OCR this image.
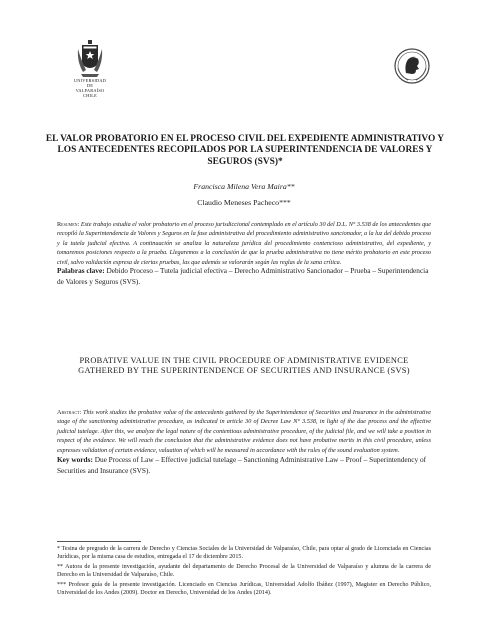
UNIVERSIDAD
DE
VALPARAÍSO
CHILE
EL VALOR PROBATORIO EN EL PROCESO CIVIL DEL EXPEDIENTE ADMINISTRATIVO Y LOS ANTECEDENTES RECOPILADOS POR LA SUPERINTENDENCIA DE VALORES Y SEGUROS (SVS)*
Francisca Milena Vera Maira**
Claudio Meneses Pacheco***
Resumen: Este trabajo estudia el valor probatorio en el proceso jurisdiccional contemplado en el artículo 30 del D.L. N° 3.538 de los antecedentes que recopiló la Superintendencia de Valores y Seguros en la fase administrativa del procedimiento administrativo sancionador, a la luz del debido proceso y la tutela judicial efectiva. A continuación se analiza la naturaleza jurídica del procedimiento contencioso administrativo, del expediente, y tomaremos posiciones respecto a la prueba. Llegaremos a la conclusión de que la prueba administrativa no tiene mérito probatorio en este proceso civil, salvo validación expresa de ciertas pruebas, las que además se valorarán según las reglas de la sana crítica.
Palabras clave: Debido Proceso – Tutela judicial efectiva – Derecho Administrativo Sancionador – Prueba – Superintendencia de Valores y Seguros (SVS).
PROBATIVE VALUE IN THE CIVIL PROCEDURE OF ADMINISTRATIVE EVIDENCE GATHERED BY THE SUPERINTENDENCE OF SECURITIES AND INSURANCE (SVS)
Abstract: This work studies the probative value of the antecedents gathered by the Superintendence of Securities and Insurance in the administrative stage of the sanctioning administrative procedure, as indicated in article 30 of Decree Law N° 3.538, in light of the due process and the effective judicial tutelage. After this, we analyze the legal nature of the contentious administrative procedure, of the judicial file, and we will take a position in respect of the evidence. We will reach the conclusion that the administrative evidence does not have probative merits in this civil procedure, unless expresses validation of certain evidence, valuation of which will be measured in accordance with the rules of the sound evaluation system.
Key words: Due Process of Law – Effective judicial tutelage – Sanctioning Administrative Law – Proof – Superintendency of Securities and Insurance (SVS).

* Tesina de pregrado de la carrera de Derecho y Ciencias Sociales de la Universidad de Valparaíso, Chile, para optar al grado de Licenciada en Ciencias Jurídicas, por la misma casa de estudios, entregada el 17 de diciembre 2015.

** Autora de la presente investigación, ayudante del departamento de Derecho Procesal de la Universidad de Valparaíso y alumna de la carrera de Derecho en la Universidad de Valparaíso, Chile.

*** Profesor guía de la presente investigación. Licenciado en Ciencias Jurídicas, Universidad Adolfo Ibáñez (1997), Magister en Derecho Público, Universidad de los Andes (2009). Doctor en Derecho, Universidad de los Andes (2014).
